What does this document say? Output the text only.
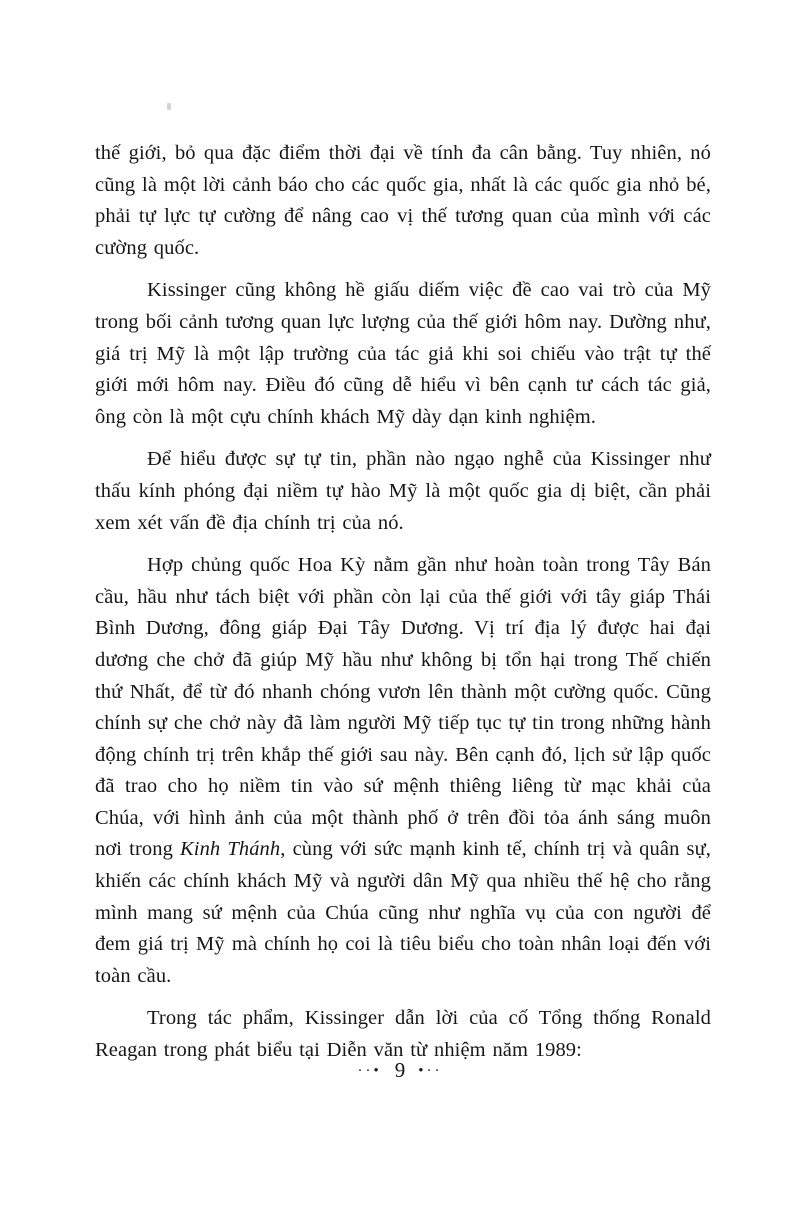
thế giới, bỏ qua đặc điểm thời đại về tính đa cân bằng. Tuy nhiên, nó cũng là một lời cảnh báo cho các quốc gia, nhất là các quốc gia nhỏ bé, phải tự lực tự cường để nâng cao vị thế tương quan của mình với các cường quốc.

Kissinger cũng không hề giấu diếm việc đề cao vai trò của Mỹ trong bối cảnh tương quan lực lượng của thế giới hôm nay. Dường như, giá trị Mỹ là một lập trường của tác giả khi soi chiếu vào trật tự thế giới mới hôm nay. Điều đó cũng dễ hiểu vì bên cạnh tư cách tác giả, ông còn là một cựu chính khách Mỹ dày dạn kinh nghiệm.

Để hiểu được sự tự tin, phần nào ngạo nghễ của Kissinger như thấu kính phóng đại niềm tự hào Mỹ là một quốc gia dị biệt, cần phải xem xét vấn đề địa chính trị của nó.

Hợp chủng quốc Hoa Kỳ nằm gần như hoàn toàn trong Tây Bán cầu, hầu như tách biệt với phần còn lại của thế giới với tây giáp Thái Bình Dương, đông giáp Đại Tây Dương. Vị trí địa lý được hai đại dương che chở đã giúp Mỹ hầu như không bị tổn hại trong Thế chiến thứ Nhất, để từ đó nhanh chóng vươn lên thành một cường quốc. Cũng chính sự che chở này đã làm người Mỹ tiếp tục tự tin trong những hành động chính trị trên khắp thế giới sau này. Bên cạnh đó, lịch sử lập quốc đã trao cho họ niềm tin vào sứ mệnh thiêng liêng từ mạc khải của Chúa, với hình ảnh của một thành phố ở trên đồi tỏa ánh sáng muôn nơi trong Kinh Thánh, cùng với sức mạnh kinh tế, chính trị và quân sự, khiến các chính khách Mỹ và người dân Mỹ qua nhiều thế hệ cho rằng mình mang sứ mệnh của Chúa cũng như nghĩa vụ của con người để đem giá trị Mỹ mà chính họ coi là tiêu biểu cho toàn nhân loại đến với toàn cầu.

Trong tác phẩm, Kissinger dẫn lời của cố Tổng thống Ronald Reagan trong phát biểu tại Diễn văn từ nhiệm năm 1989:

··• 9 •··
